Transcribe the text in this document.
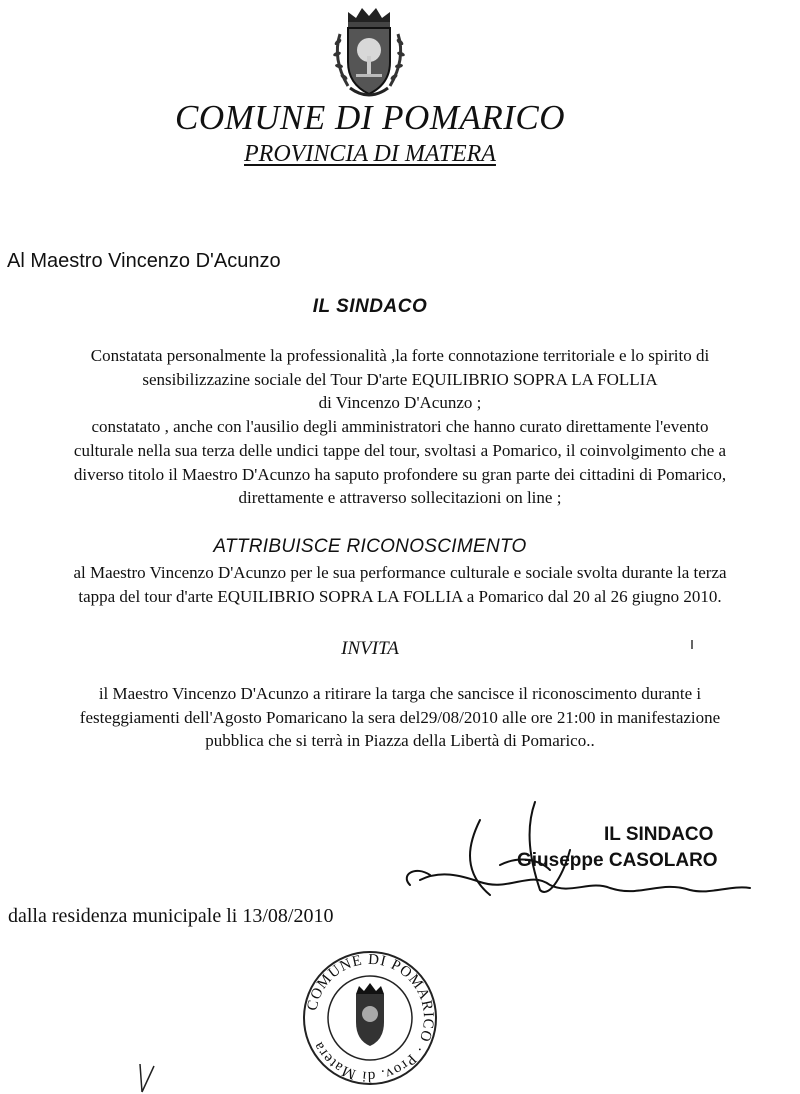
COMUNE DI POMARICO
PROVINCIA DI MATERA
Al Maestro Vincenzo D'Acunzo
IL SINDACO
Constatata personalmente la professionalità ,la forte connotazione territoriale e lo spirito di
sensibilizzazine sociale del Tour D'arte EQUILIBRIO SOPRA LA FOLLIA
di Vincenzo D'Acunzo ;
constatato , anche con l'ausilio degli amministratori che hanno curato direttamente l'evento
culturale nella sua terza delle undici tappe del tour, svoltasi a Pomarico, il coinvolgimento che a
diverso titolo il Maestro D'Acunzo ha saputo profondere su gran parte dei cittadini di Pomarico,
direttamente e attraverso sollecitazioni on line ;
ATTRIBUISCE RICONOSCIMENTO
al Maestro Vincenzo D'Acunzo per le sua performance culturale e sociale svolta durante la terza
tappa del tour d'arte EQUILIBRIO SOPRA LA FOLLIA a Pomarico dal 20 al 26 giugno 2010.
INVITA
il Maestro Vincenzo D'Acunzo a ritirare la targa che sancisce il riconoscimento durante i
festeggiamenti dell'Agosto Pomaricano la sera del29/08/2010 alle ore 21:00 in manifestazione
pubblica che si terrà in Piazza della Libertà di Pomarico..
IL SINDACO
Giuseppe CASOLARO
dalla residenza municipale li 13/08/2010
COMUNE DI POMARICO · Prov. di Matera
